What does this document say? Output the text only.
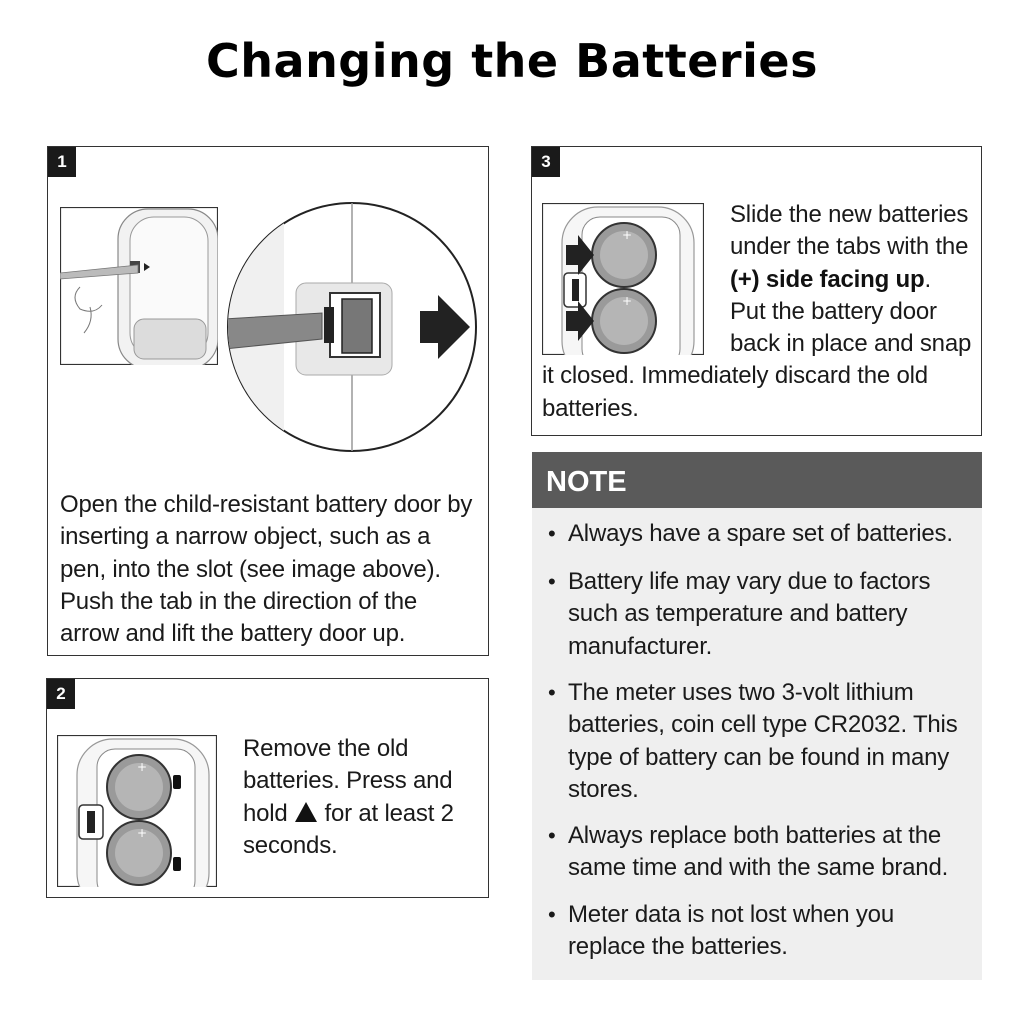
Changing the Batteries
1
Open the child-resistant battery door by inserting a narrow object, such as a pen, into the slot (see image above). Push the tab in the direction of the arrow and lift the battery door up.
2
+
+
Remove the old batteries. Press and hold for at least 2 seconds.
3
+
+
Slide the new batteries under the tabs with the (+) side facing up. Put the battery door back in place and snap it closed. Immediately discard the old batteries.
NOTE
• Always have a spare set of batteries.
• Battery life may vary due to factors such as temperature and battery manufacturer.
• The meter uses two 3-volt lithium batteries, coin cell type CR2032. This type of battery can be found in many stores.
• Always replace both batteries at the same time and with the same brand.
• Meter data is not lost when you replace the batteries.
